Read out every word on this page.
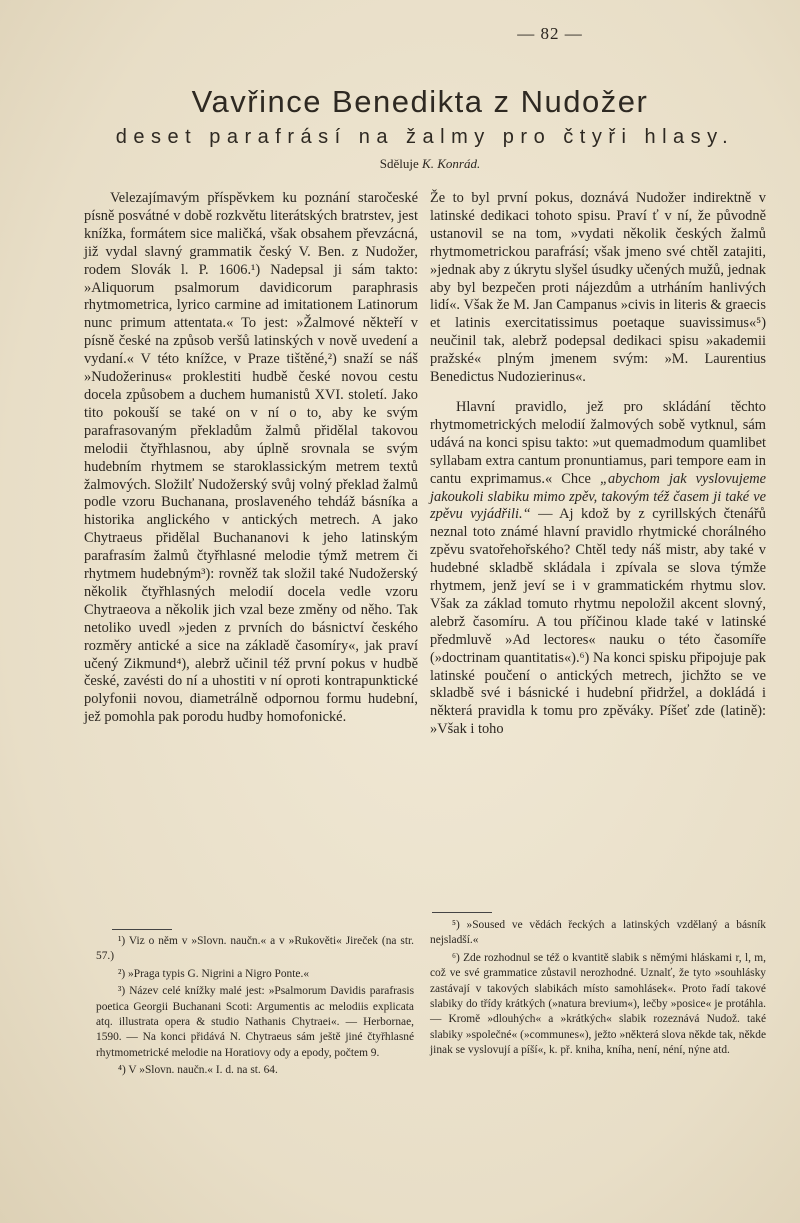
— 82 —
Vavřince Benedikta z Nudožer
deset parafrásí na žalmy pro čtyři hlasy.
Sděluje K. Konrád.

Velezajímavým příspěvkem ku poznání staročeské písně posvátné v době rozkvětu literátských bratrstev, jest knížka, formátem sice maličká, však obsahem převzácná, již vydal slavný grammatik český V. Ben. z Nudožer, rodem Slovák l. P. 1606.¹) Nadepsal ji sám takto: »Aliquorum psalmorum davidicorum paraphrasis rhytmometrica, lyrico carmine ad imitationem Latinorum nunc primum attentata.« To jest: »Žalmové někteří v písně české na způsob veršů latinských v nově uvedení a vydaní.« V této knížce, v Praze tištěné,²) snaží se náš »Nudožerinus« proklestiti hudbě české novou cestu docela způsobem a duchem humanistů XVI. století. Jako tito pokouší se také on v ní o to, aby ke svým parafrasovaným překladům žalmů přidělal takovou melodii čtyřhlasnou, aby úplně srovnala se svým hudebním rhytmem se staroklassickým metrem textů žalmových. Složilť Nudožerský svůj volný překlad žalmů podle vzoru Buchanana, proslaveného tehdáž básníka a historika anglického v antických metrech. A jako Chytraeus přidělal Buchananovi k jeho latinským parafrasím žalmů čtyřhlasné melodie týmž metrem či rhytmem hudebným³): rovněž tak složil také Nudožerský několik čtyřhlasných melodií docela vedle vzoru Chytraeova a několik jich vzal beze změny od něho. Tak netoliko uvedl »jeden z prvních do básnictví českého rozměry antické a sice na základě časomíry«, jak praví učený Zikmund⁴), alebrž učinil též první pokus v hudbě české, zavésti do ní a uhostiti v ní oproti kontrapunktické polyfonii novou, diametrálně odpornou formu hudební, jež pomohla pak porodu hudby homofonické.

Že to byl první pokus, doznává Nudožer indirektně v latinské dedikaci tohoto spisu. Praví ť v ní, že původně ustanovil se na tom, »vydati několik českých žalmů rhytmometrickou parafrásí; však jmeno své chtěl zatajiti, »jednak aby z úkrytu slyšel úsudky učených mužů, jednak aby byl bezpečen proti nájezdům a utrháním hanlivých lidí«. Však že M. Jan Campanus »civis in literis & graecis et latinis exercitatissimus poetaque suavissimus«⁵) neučinil tak, alebrž podepsal dedikaci spisu »akademii pražské« plným jmenem svým: »M. Laurentius Benedictus Nudozierinus«.

Hlavní pravidlo, jež pro skládání těchto rhytmometrických melodií žalmových sobě vytknul, sám udává na konci spisu takto: »ut quemadmodum quamlibet syllabam extra cantum pronuntiamus, pari tempore eam in cantu exprimamus.« Chce „abychom jak vyslovujeme jakoukoli slabiku mimo zpěv, takovým též časem ji také ve zpěvu vyjádřili.“ — Aj kdož by z cyrillských čtenářů neznal toto známé hlavní pravidlo rhytmické chorálného zpěvu svatořehořského? Chtěl tedy náš mistr, aby také v hudebné skladbě skládala i zpívala se slova týmže rhytmem, jenž jeví se i v grammatickém rhytmu slov. Však za základ tomuto rhytmu nepoložil akcent slovný, alebrž časomíru. A tou příčinou klade také v latinské předmluvě »Ad lectores« nauku o této časomíře (»doctrinam quantitatis«).⁶) Na konci spisku připojuje pak latinské poučení o antických metrech, jichžto se ve skladbě své i básnické i hudební přidržel, a dokládá i některá pravidla k tomu pro zpěváky. Píšeť zde (latině): »Však i toho

¹) Viz o něm v »Slovn. naučn.« a v »Rukověti« Jireček (na str. 57.)

²) »Praga typis G. Nigrini a Nigro Ponte.«

³) Název celé knížky malé jest: »Psalmorum Davidis parafrasis poetica Georgii Buchanani Scoti: Argumentis ac melodiis explicata atq. illustrata opera & studio Nathanis Chytraei«. — Herbornae, 1590. — Na konci přidává N. Chytraeus sám ještě jiné čtyřhlasné rhytmometrické melodie na Horatiovy ody a epody, počtem 9.

⁴) V »Slovn. naučn.« I. d. na st. 64.

⁵) »Soused ve vědách řeckých a latinských vzdělaný a básník nejsladší.«

⁶) Zde rozhodnul se též o kvantitě slabik s němými hláskami r, l, m, což ve své grammatice zůstavil nerozhodné. Uznalť, že tyto »souhlásky zastávají v takových slabikách místo samohlásek«. Proto řadí takové slabiky do třídy krátkých (»natura brevium«), lečby »posice« je protáhla. — Kromě »dlouhých« a »krátkých« slabik rozeznává Nudož. také slabiky »společné« (»communes«), ježto »některá slova někde tak, někde jinak se vyslovují a píší«, k. př. kniha, kníha, není, néní, nýne atd.
